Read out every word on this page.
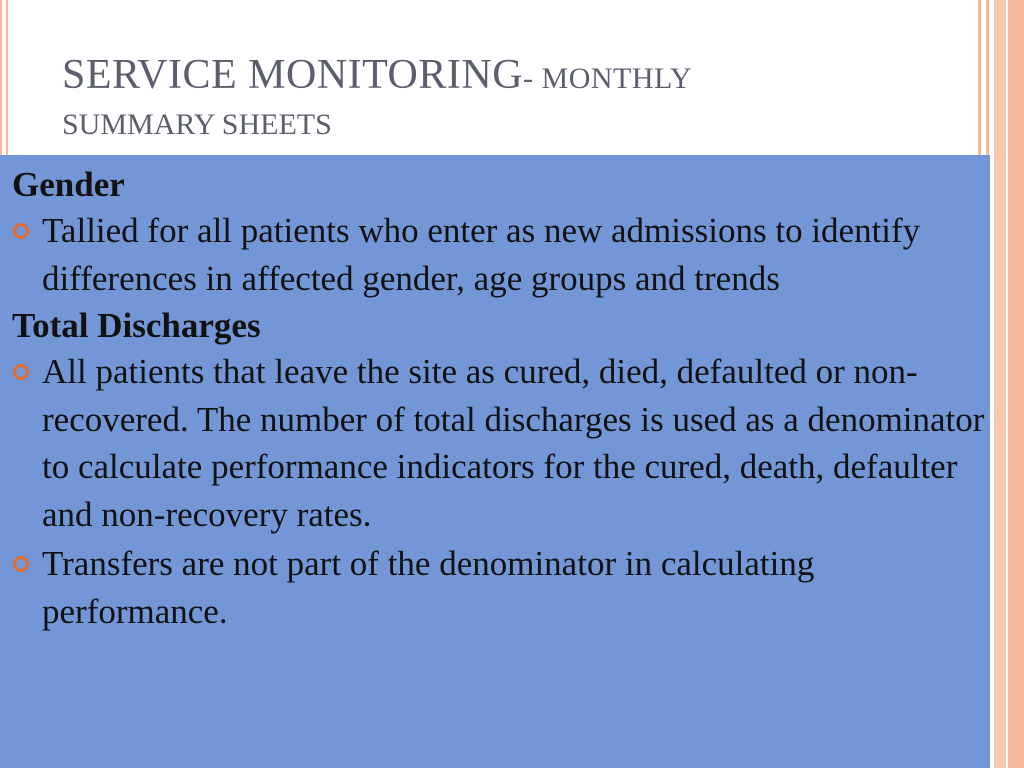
SERVICE MONITORING- MONTHLY
SUMMARY SHEETS
Gender
Tallied for all patients who enter as new admissions to identify differences in affected gender, age groups and trends
Total Discharges
All patients that leave the site as cured, died, defaulted or non-recovered. The number of total discharges is used as a denominator to calculate performance indicators for the cured, death, defaulter and non-recovery rates.
Transfers are not part of the denominator in calculating performance.
